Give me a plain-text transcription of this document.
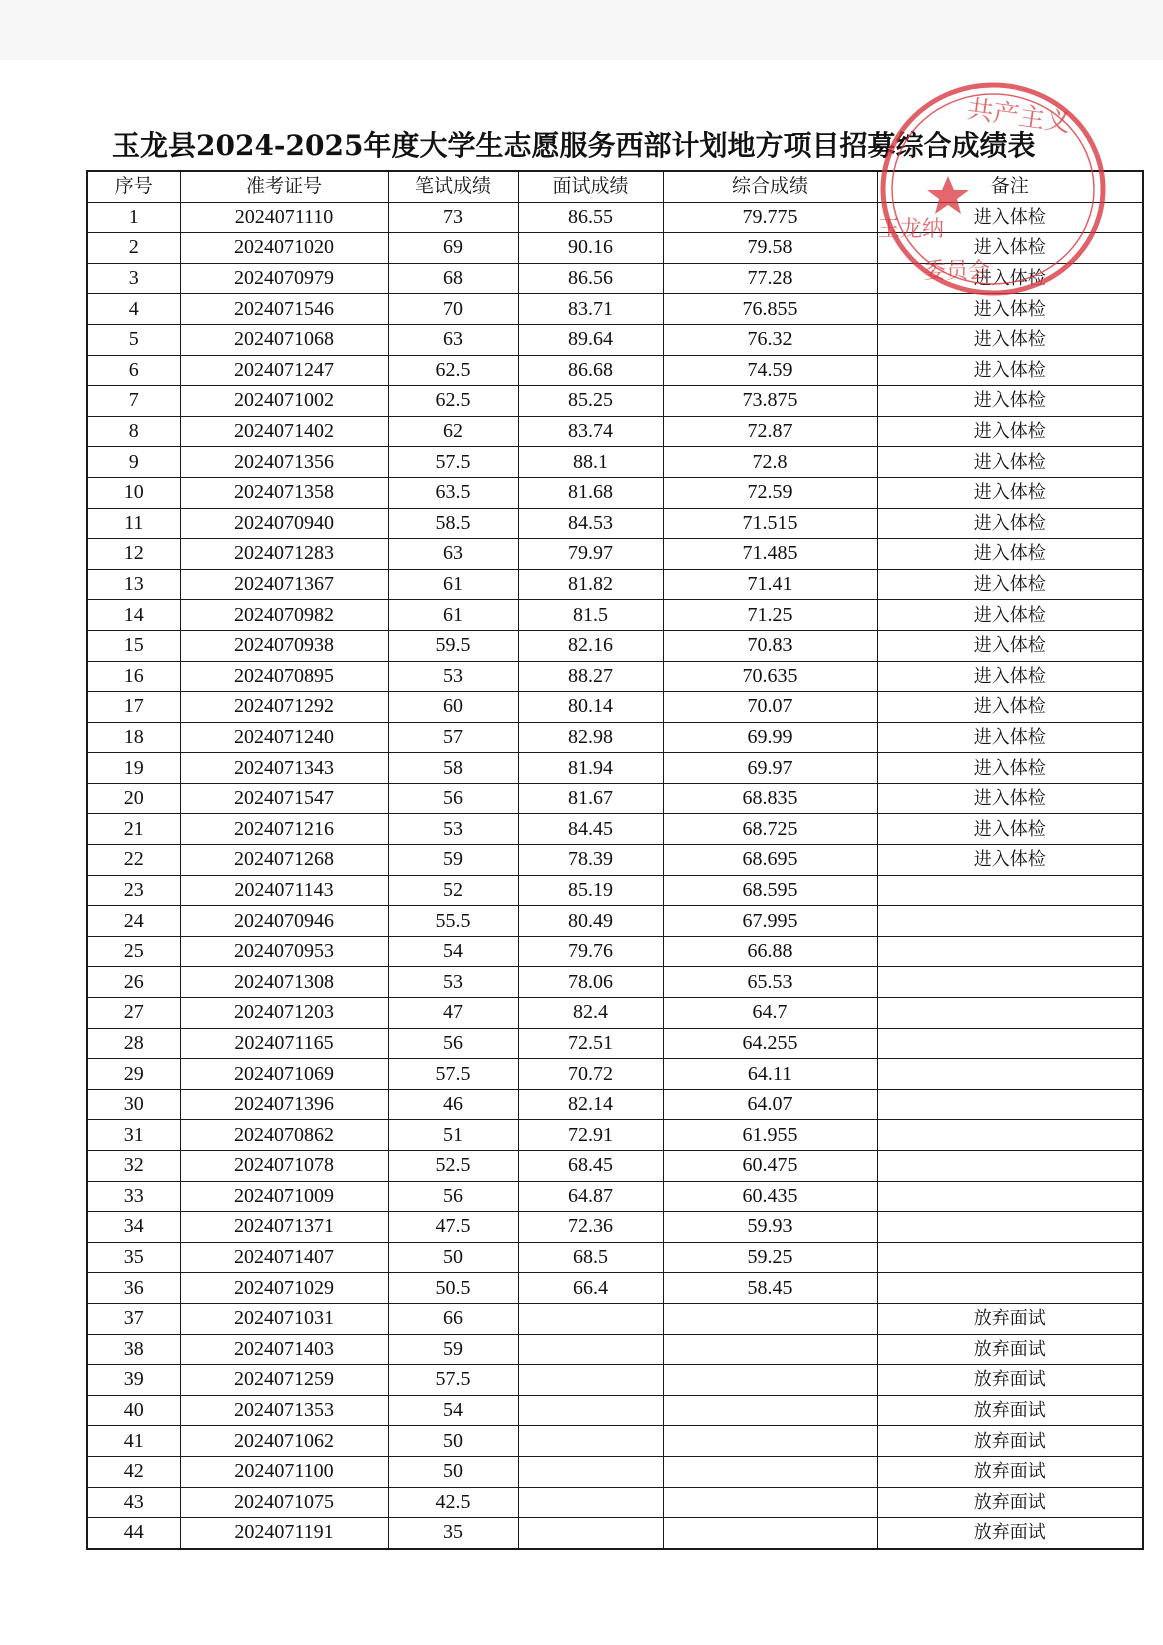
玉龙县2024-2025年度大学生志愿服务西部计划地方项目招募综合成绩表
序号	准考证号	笔试成绩	面试成绩	综合成绩	备注
1	2024071110	73	86.55	79.775	进入体检
2	2024071020	69	90.16	79.58	进入体检
3	2024070979	68	86.56	77.28	进入体检
4	2024071546	70	83.71	76.855	进入体检
5	2024071068	63	89.64	76.32	进入体检
6	2024071247	62.5	86.68	74.59	进入体检
7	2024071002	62.5	85.25	73.875	进入体检
8	2024071402	62	83.74	72.87	进入体检
9	2024071356	57.5	88.1	72.8	进入体检
10	2024071358	63.5	81.68	72.59	进入体检
11	2024070940	58.5	84.53	71.515	进入体检
12	2024071283	63	79.97	71.485	进入体检
13	2024071367	61	81.82	71.41	进入体检
14	2024070982	61	81.5	71.25	进入体检
15	2024070938	59.5	82.16	70.83	进入体检
16	2024070895	53	88.27	70.635	进入体检
17	2024071292	60	80.14	70.07	进入体检
18	2024071240	57	82.98	69.99	进入体检
19	2024071343	58	81.94	69.97	进入体检
20	2024071547	56	81.67	68.835	进入体检
21	2024071216	53	84.45	68.725	进入体检
22	2024071268	59	78.39	68.695	进入体检
23	2024071143	52	85.19	68.595	
24	2024070946	55.5	80.49	67.995	
25	2024070953	54	79.76	66.88	
26	2024071308	53	78.06	65.53	
27	2024071203	47	82.4	64.7	
28	2024071165	56	72.51	64.255	
29	2024071069	57.5	70.72	64.11	
30	2024071396	46	82.14	64.07	
31	2024070862	51	72.91	61.955	
32	2024071078	52.5	68.45	60.475	
33	2024071009	56	64.87	60.435	
34	2024071371	47.5	72.36	59.93	
35	2024071407	50	68.5	59.25	
36	2024071029	50.5	66.4	58.45	
37	2024071031	66			放弃面试
38	2024071403	59			放弃面试
39	2024071259	57.5			放弃面试
40	2024071353	54			放弃面试
41	2024071062	50			放弃面试
42	2024071100	50			放弃面试
43	2024071075	42.5			放弃面试
44	2024071191	35			放弃面试
共产主义
玉龙纳
委员会
